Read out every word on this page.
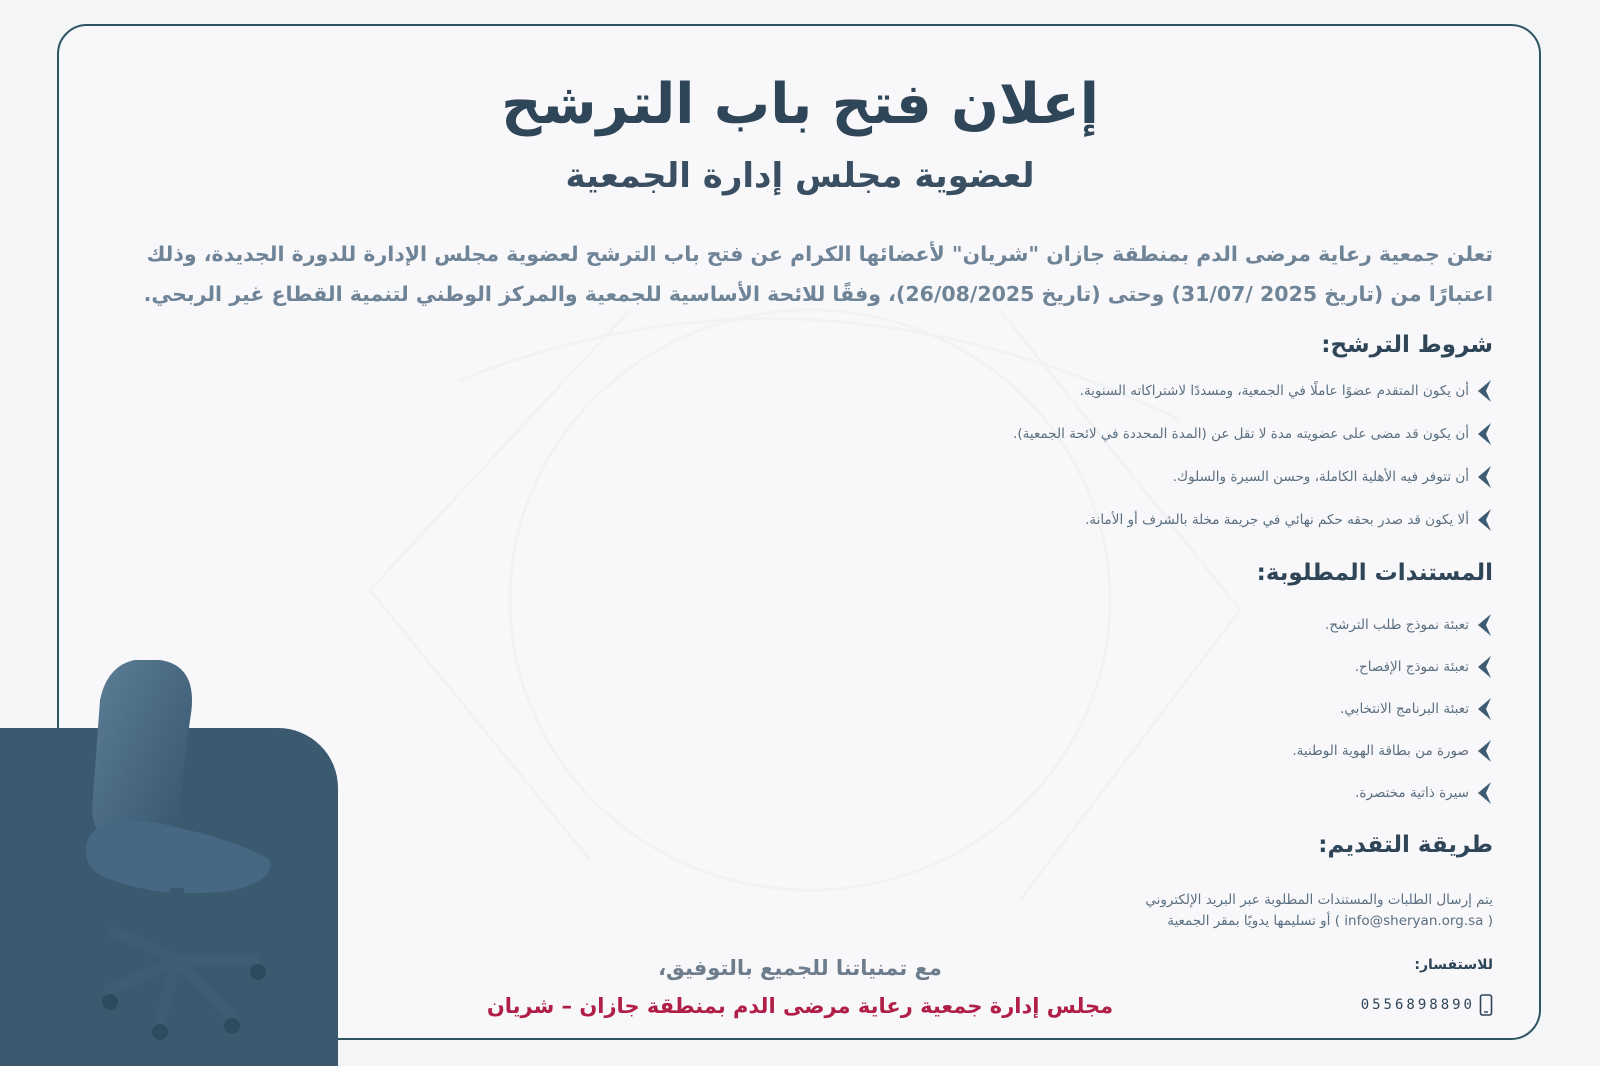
إعلان فتح باب الترشح
لعضوية مجلس إدارة الجمعية
تعلن جمعية رعاية مرضى الدم بمنطقة جازان "شريان" لأعضائها الكرام عن فتح باب الترشح لعضوية مجلس الإدارة للدورة الجديدة، وذلك اعتبارًا من (تاريخ 2025 /31/07) وحتى (تاريخ 26/08/2025)، وفقًا للائحة الأساسية للجمعية والمركز الوطني لتنمية القطاع غير الربحي.
شروط الترشح:
أن يكون المتقدم عضوًا عاملًا في الجمعية، ومسددًا لاشتراكاته السنوية.
أن يكون قد مضى على عضويته مدة لا تقل عن (المدة المحددة في لائحة الجمعية).
أن تتوفر فيه الأهلية الكاملة، وحسن السيرة والسلوك.
ألا يكون قد صدر بحقه حكم نهائي في جريمة مخلة بالشرف أو الأمانة.
المستندات المطلوبة:
تعبئة نموذج طلب الترشح.
تعبئة نموذج الإفصاح.
تعبئة البرنامج الانتخابي.
صورة من بطاقة الهوية الوطنية.
سيرة ذاتية مختصرة.
طريقة التقديم:
يتم إرسال الطلبات والمستندات المطلوبة عبر البريد الإلكتروني
( info@sheryan.org.sa ) أو تسليمها يدويًا بمقر الجمعية
للاستفسار:
0556898890
مع تمنياتنا للجميع بالتوفيق،
مجلس إدارة جمعية رعاية مرضى الدم بمنطقة جازان – شريان
